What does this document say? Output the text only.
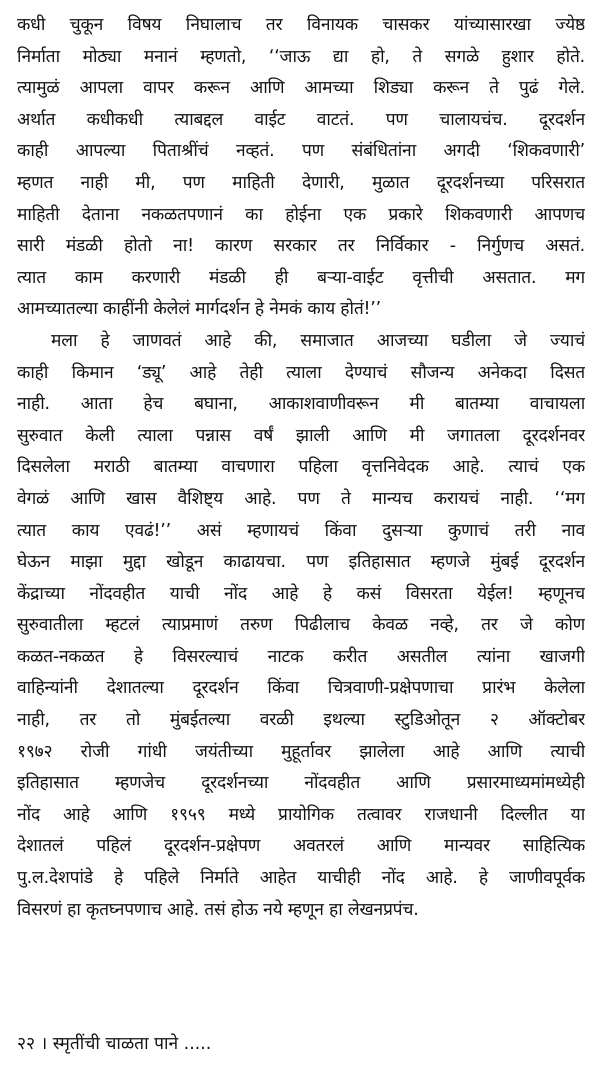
कधी चुकून विषय निघालाच तर विनायक चासकर यांच्यासारखा ज्येष्ठ
निर्माता मोठ्या मनानं म्हणतो, ‘‘जाऊ द्या हो, ते सगळे हुशार होते.
त्यामुळं आपला वापर करून आणि आमच्या शिड्या करून ते पुढं गेले.
अर्थात कधीकधी त्याबद्दल वाईट वाटतं. पण चालायचंच. दूरदर्शन
काही आपल्या पिताश्रींचं नव्हतं. पण संबंधितांना अगदी ‘शिकवणारी’
म्हणत नाही मी, पण माहिती देणारी, मुळात दूरदर्शनच्या परिसरात
माहिती देताना नकळतपणानं का होईना एक प्रकारे शिकवणारी आपणच
सारी मंडळी होतो ना! कारण सरकार तर निर्विकार - निर्गुणच असतं.
त्यात काम करणारी मंडळी ही बऱ्या-वाईट वृत्तीची असतात. मग
आमच्यातल्या काहींनी केलेलं मार्गदर्शन हे नेमकं काय होतं!’’
मला हे जाणवतं आहे की, समाजात आजच्या घडीला जे ज्याचं
काही किमान ‘ड्यू’ आहे तेही त्याला देण्याचं सौजन्य अनेकदा दिसत
नाही. आता हेच बघाना, आकाशवाणीवरून मी बातम्या वाचायला
सुरुवात केली त्याला पन्नास वर्षं झाली आणि मी जगातला दूरदर्शनवर
दिसलेला मराठी बातम्या वाचणारा पहिला वृत्तनिवेदक आहे. त्याचं एक
वेगळं आणि खास वैशिष्ट्य आहे. पण ते मान्यच करायचं नाही. ‘‘मग
त्यात काय एवढं!’’ असं म्हणायचं किंवा दुसऱ्या कुणाचं तरी नाव
घेऊन माझा मुद्दा खोडून काढायचा. पण इतिहासात म्हणजे मुंबई दूरदर्शन
केंद्राच्या नोंदवहीत याची नोंद आहे हे कसं विसरता येईल! म्हणूनच
सुरुवातीला म्हटलं त्याप्रमाणं तरुण पिढीलाच केवळ नव्हे, तर जे कोण
कळत-नकळत हे विसरल्याचं नाटक करीत असतील त्यांना खाजगी
वाहिन्यांनी देशातल्या दूरदर्शन किंवा चित्रवाणी-प्रक्षेपणाचा प्रारंभ केलेला
नाही, तर तो मुंबईतल्या वरळी इथल्या स्टुडिओतून २ ऑक्टोबर
१९७२ रोजी गांधी जयंतीच्या मुहूर्तावर झालेला आहे आणि त्याची
इतिहासात म्हणजेच दूरदर्शनच्या नोंदवहीत आणि प्रसारमाध्यमांमध्येही
नोंद आहे आणि १९५९ मध्ये प्रायोगिक तत्वावर राजधानी दिल्लीत या
देशातलं पहिलं दूरदर्शन-प्रक्षेपण अवतरलं आणि मान्यवर साहित्यिक
पु.ल.देशपांडे हे पहिले निर्माते आहेत याचीही नोंद आहे. हे जाणीवपूर्वक
विसरणं हा कृतघ्नपणाच आहे. तसं होऊ नये म्हणून हा लेखनप्रपंच.
२२ । स्मृतींची चाळता पाने .....
